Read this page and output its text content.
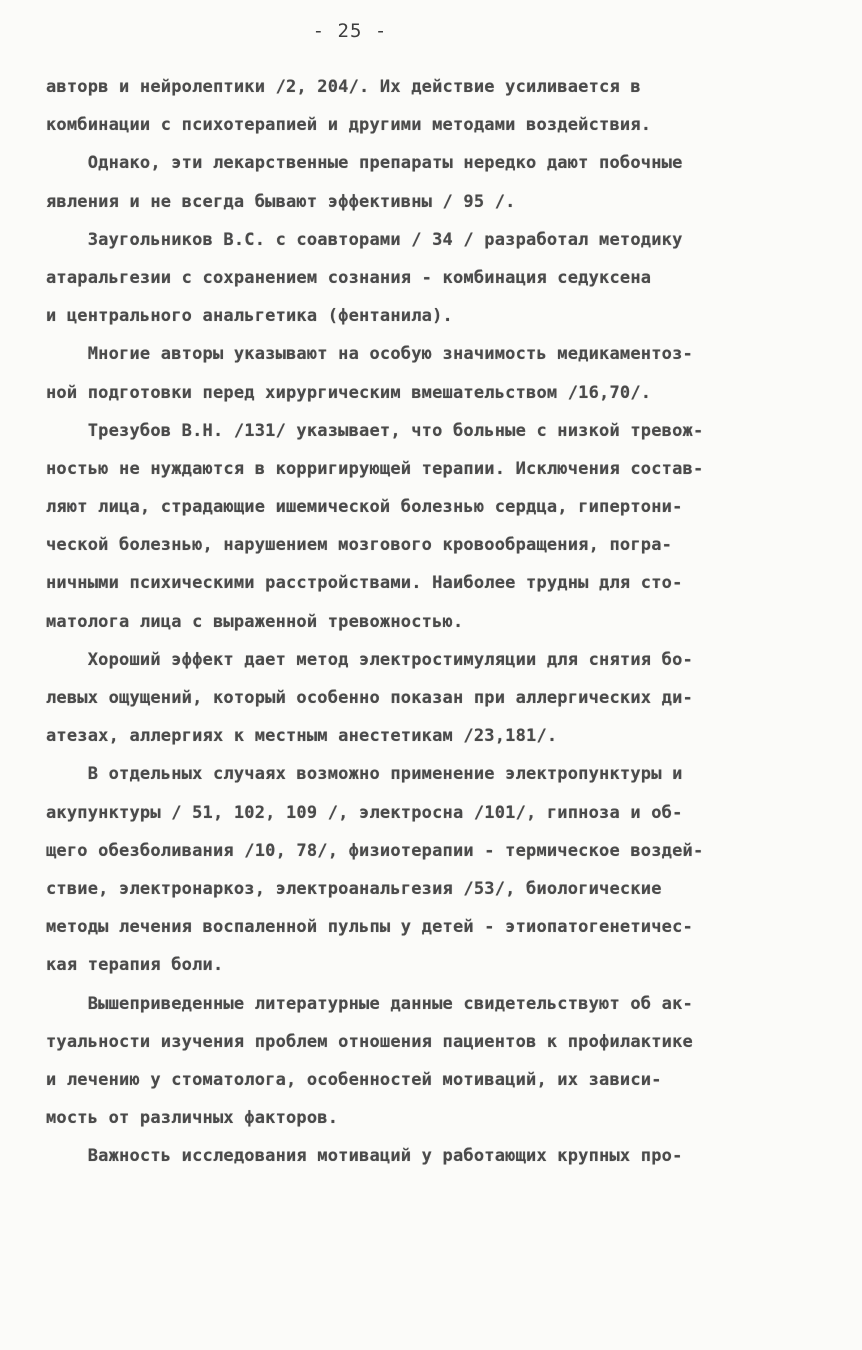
- 25 -
авторв и нейролептики /2, 204/. Их действие усиливается в
комбинации с психотерапией и другими методами воздействия.
Однако, эти лекарственные препараты нередко дают побочные
явления и не всегда бывают эффективны / 95 /.
Заугольников В.С. с соавторами / 34 / разработал методику
атаральгезии с сохранением сознания - комбинация седуксена
и центрального анальгетика (фентанила).
Многие авторы указывают на особую значимость медикаментоз-
ной подготовки перед хирургическим вмешательством /16,70/.
Трезубов В.Н. /131/ указывает, что больные с низкой тревож-
ностью не нуждаются в корригирующей терапии. Исключения состав-
ляют лица, страдающие ишемической болезнью сердца, гипертони-
ческой болезнью, нарушением мозгового кровообращения, погра-
ничными психическими расстройствами. Наиболее трудны для сто-
матолога лица с выраженной тревожностью.
Хороший эффект дает метод электростимуляции для снятия бо-
левых ощущений, который особенно показан при аллергических ди-
атезах, аллергиях к местным анестетикам /23,181/.
В отдельных случаях возможно применение электропунктуры и
акупунктуры / 51, 102, 109 /, электросна /101/, гипноза и об-
щего обезболивания /10, 78/, физиотерапии - термическое воздей-
ствие, электронаркоз, электроанальгезия /53/, биологические
методы лечения воспаленной пульпы у детей - этиопатогенетичес-
кая терапия боли.
Вышеприведенные литературные данные свидетельствуют об ак-
туальности изучения проблем отношения пациентов к профилактике
и лечению у стоматолога, особенностей мотиваций, их зависи-
мость от различных факторов.
Важность исследования мотиваций у работающих крупных про-
